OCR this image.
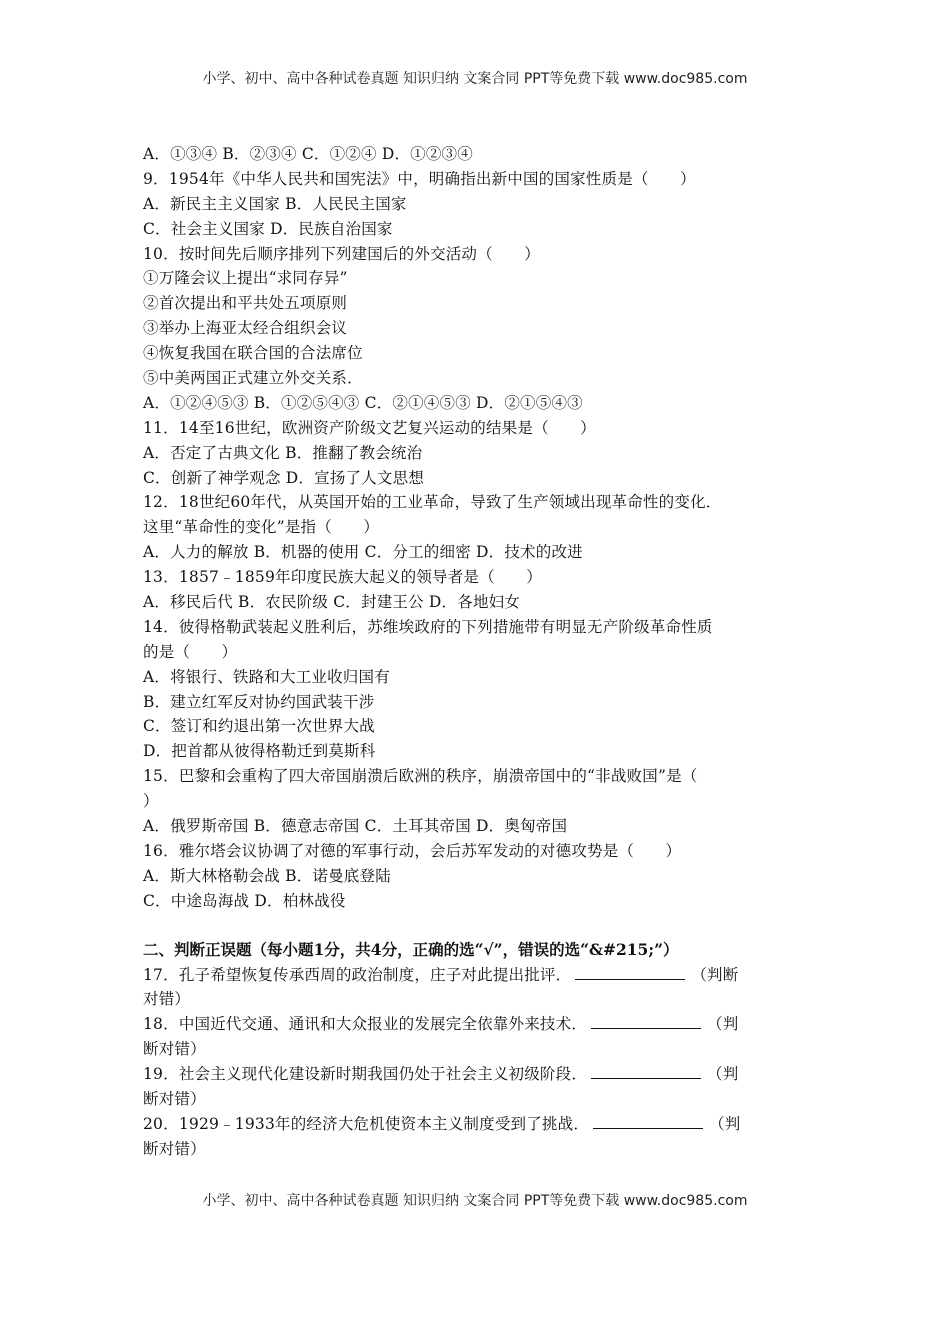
小学、初中、高中各种试卷真题 知识归纳 文案合同 PPT等免费下载 www.doc985.com
A．①③④ B．②③④ C．①②④ D．①②③④
9．1954年《中华人民共和国宪法》中，明确指出新中国的国家性质是（　　）
A．新民主主义国家 B．人民民主国家
C．社会主义国家 D．民族自治国家
10．按时间先后顺序排列下列建国后的外交活动（　　）
①万隆会议上提出“求同存异”
②首次提出和平共处五项原则
③举办上海亚太经合组织会议
④恢复我国在联合国的合法席位
⑤中美两国正式建立外交关系．
A．①②④⑤③ B．①②⑤④③ C．②①④⑤③ D．②①⑤④③
11．14至16世纪，欧洲资产阶级文艺复兴运动的结果是（　　）
A．否定了古典文化 B．推翻了教会统治
C．创新了神学观念 D．宣扬了人文思想
12．18世纪60年代，从英国开始的工业革命，导致了生产领域出现革命性的变化．
这里“革命性的变化”是指（　　）
A．人力的解放 B．机器的使用 C．分工的细密 D．技术的改进
13．1857﹣1859年印度民族大起义的领导者是（　　）
A．移民后代 B．农民阶级 C．封建王公 D．各地妇女
14．彼得格勒武装起义胜利后，苏维埃政府的下列措施带有明显无产阶级革命性质
的是（　　）
A．将银行、铁路和大工业收归国有
B．建立红军反对协约国武装干涉
C．签订和约退出第一次世界大战
D．把首都从彼得格勒迁到莫斯科
15．巴黎和会重构了四大帝国崩溃后欧洲的秩序，崩溃帝国中的“非战败国”是（
）
A．俄罗斯帝国 B．德意志帝国 C．土耳其帝国 D．奥匈帝国
16．雅尔塔会议协调了对德的军事行动，会后苏军发动的对德攻势是（　　）
A．斯大林格勒会战 B．诺曼底登陆
C．中途岛海战 D．柏林战役
二、判断正误题（每小题1分，共4分，正确的选“√”，错误的选“&#215;”）
17．孔子希望恢复传承西周的政治制度，庄子对此提出批评．	（判断
对错）
18．中国近代交通、通讯和大众报业的发展完全依靠外来技术．	（判
断对错）
19．社会主义现代化建设新时期我国仍处于社会主义初级阶段．	（判
断对错）
20．1929﹣1933年的经济大危机使资本主义制度受到了挑战．	（判
断对错）
小学、初中、高中各种试卷真题 知识归纳 文案合同 PPT等免费下载 www.doc985.com
